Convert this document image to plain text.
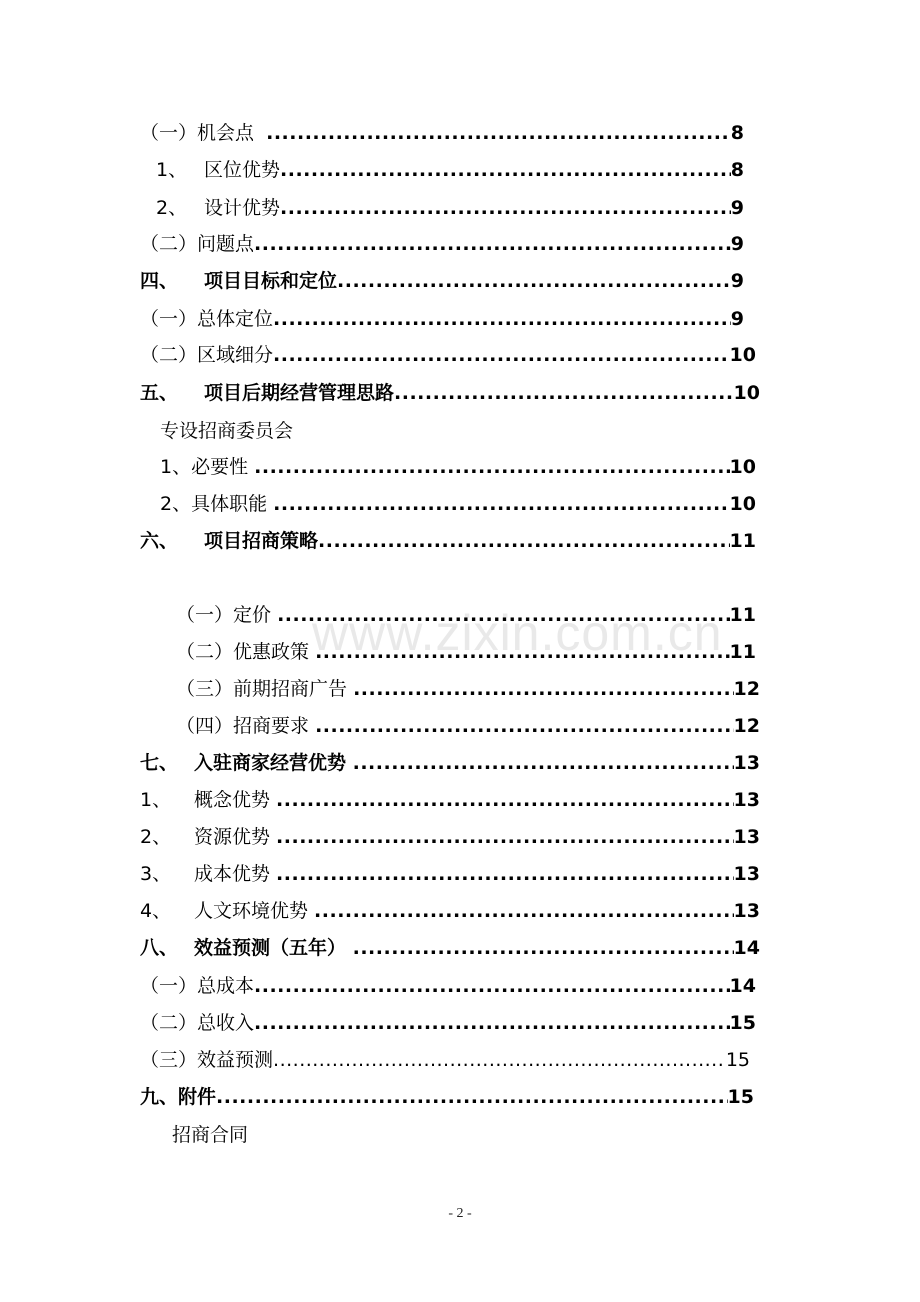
www.zixin.com.cn
（一） 机会点 .....	8
1、 区位优势 .....	8
2、 设计优势 .....	9
（二） 问题点 .....	9
四、	项目目标和定位 .....	9
（一） 总体定位 .....	9
（二） 区域细分 .....	10
五、	项目后期经营管理思路 .....	10
专设招商委员会
1、 必要性 .....	10
2、 具体职能 .....	10
六、	项目招商策略 .....	11
（一） 定价 .....	11
（二） 优惠政策 .....	11
（三） 前期招商广告 .....	12
（四） 招商要求 .....	12
七、 入驻商家经营优势 .....	13
1、	概念优势 .....	13
2、	资源优势 .....	13
3、	成本优势 .....	13
4、	人文环境优势 .....	13
八、 效益预测（五年） .....	14
（一） 总成本 .....	14
（二） 总收入 .....	15
（三） 效益预测 .....	15
九、 附件 .....	15
招商合同
- 2 -
